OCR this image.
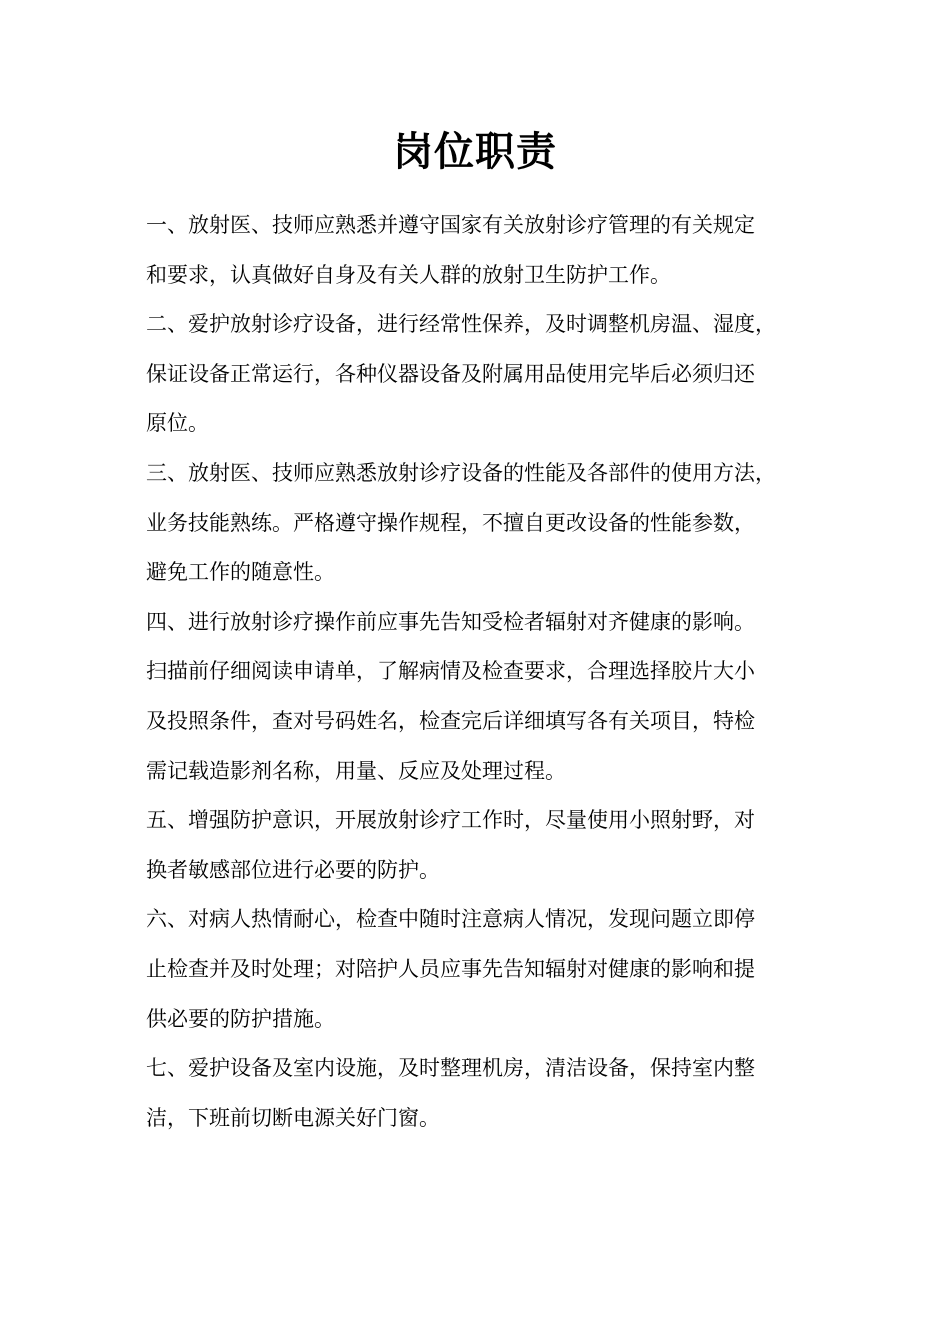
岗位职责
一、放射医、技师应熟悉并遵守国家有关放射诊疗管理的有关规定
和要求，认真做好自身及有关人群的放射卫生防护工作。
二、爱护放射诊疗设备，进行经常性保养，及时调整机房温、湿度，
保证设备正常运行，各种仪器设备及附属用品使用完毕后必须归还
原位。
三、放射医、技师应熟悉放射诊疗设备的性能及各部件的使用方法，
业务技能熟练。严格遵守操作规程，不擅自更改设备的性能参数，
避免工作的随意性。
四、进行放射诊疗操作前应事先告知受检者辐射对齐健康的影响。
扫描前仔细阅读申请单，了解病情及检查要求，合理选择胶片大小
及投照条件，查对号码姓名，检查完后详细填写各有关项目，特检
需记载造影剂名称，用量、反应及处理过程。
五、增强防护意识，开展放射诊疗工作时，尽量使用小照射野，对
换者敏感部位进行必要的防护。
六、对病人热情耐心，检查中随时注意病人情况，发现问题立即停
止检查并及时处理；对陪护人员应事先告知辐射对健康的影响和提
供必要的防护措施。
七、爱护设备及室内设施，及时整理机房，清洁设备，保持室内整
洁，下班前切断电源关好门窗。
